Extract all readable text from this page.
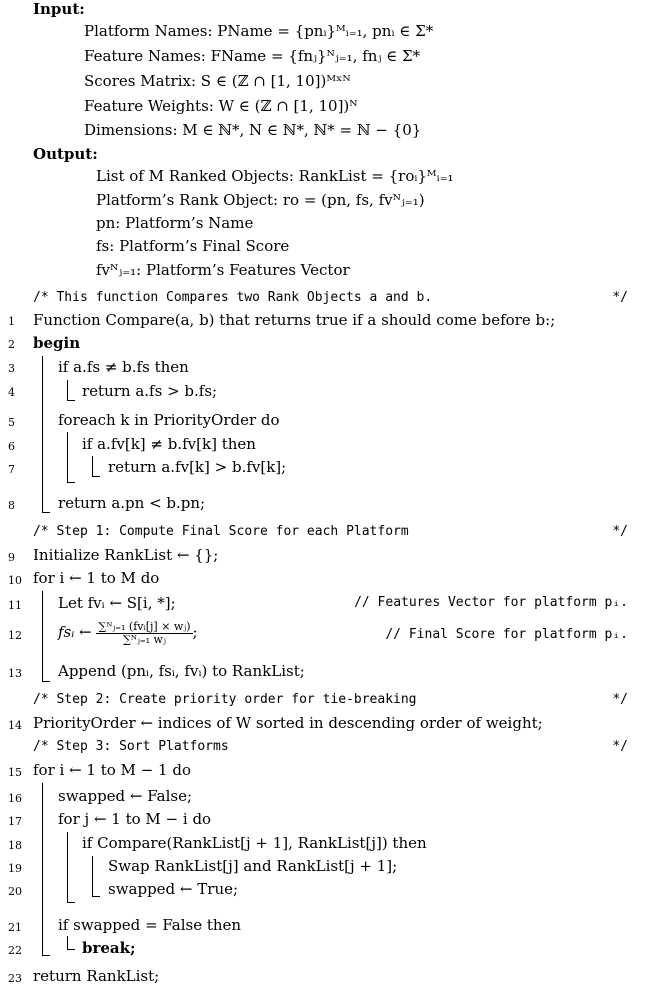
Input:
Platform Names: PName = {pnᵢ}ᴹᵢ₌₁, pnᵢ ∈ Σ*
Feature Names: FName = {fnⱼ}ᴺⱼ₌₁, fnⱼ ∈ Σ*
Scores Matrix: S ∈ (ℤ ∩ [1, 10])ᴹˣᴺ
Feature Weights: W ∈ (ℤ ∩ [1, 10])ᴺ
Dimensions: M ∈ ℕ*, N ∈ ℕ*, ℕ* = ℕ − {0}
Output:
List of M Ranked Objects: RankList = {roᵢ}ᴹᵢ₌₁
Platform’s Rank Object: ro = (pn, fs, fvᴺⱼ₌₁)
pn: Platform’s Name
fs: Platform’s Final Score
fvᴺⱼ₌₁: Platform’s Features Vector
/* This function Compares two Rank Objects a and b.	*/
1	Function Compare(a, b) that returns true if a should come before b:;
2	begin
3	if a.fs ≠ b.fs then
4	return a.fs > b.fs;
5	foreach k in PriorityOrder do
6	if a.fv[k] ≠ b.fv[k] then
7	return a.fv[k] > b.fv[k];
8	return a.pn < b.pn;
/* Step 1: Compute Final Score for each Platform	*/
9	Initialize RankList ← {};
10 for i ← 1 to M do
11 Let fvᵢ ← S[i, *];	// Features Vector for platform pᵢ.
12 fsᵢ ← $\frac{\text{∑ᴺⱼ₌₁ (fvᵢ[j] × wⱼ)}}{\text{∑ᴺⱼ₌₁ wⱼ}}$ ;	// Final Score for platform pᵢ.
13 Append (pnᵢ, fsᵢ, fvᵢ) to RankList;
/* Step 2: Create priority order for tie-breaking	*/
14 PriorityOrder ← indices of W sorted in descending order of weight;
/* Step 3: Sort Platforms	*/
15 for i ← 1 to M − 1 do
16 swapped ← False;
17 for j ← 1 to M − i do
18	if Compare(RankList[j + 1], RankList[j]) then
19	Swap RankList[j] and RankList[j + 1];
20	swapped ← True;
21 if swapped = False then
22	break;
23 return RankList;
